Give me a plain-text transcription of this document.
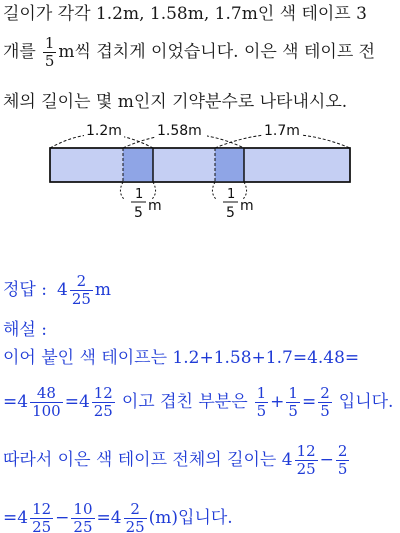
길이가 각각 1.2m, 1.58m, 1.7m인 색 테이프 3
개를 $\frac{1}{5}$ m씩 겹치게 이었습니다. 이은 색 테이프 전
체의 길이는 몇 m인지 기약분수로 나타내시오.
1.2m	1.58m	1.7m
1
5 m
1
5 m
정답 : $4 \frac{2}{25}$ m
해설 :
이어 붙인 색 테이프는 1.2+1.58+1.7=4.48=
$=4 \frac{48}{100} =4 \frac{12}{25}$ 이고 겹친 부분은 $\frac{1}{5} + \frac{1}{5} = \frac{2}{5}$ 입니다.
따라서 이은 색 테이프 전체의 길이는 $4 \frac{12}{25} - \frac{2}{5}$
$=4 \frac{12}{25} - \frac{10}{25} =4 \frac{2}{25} (m)$입니다.
